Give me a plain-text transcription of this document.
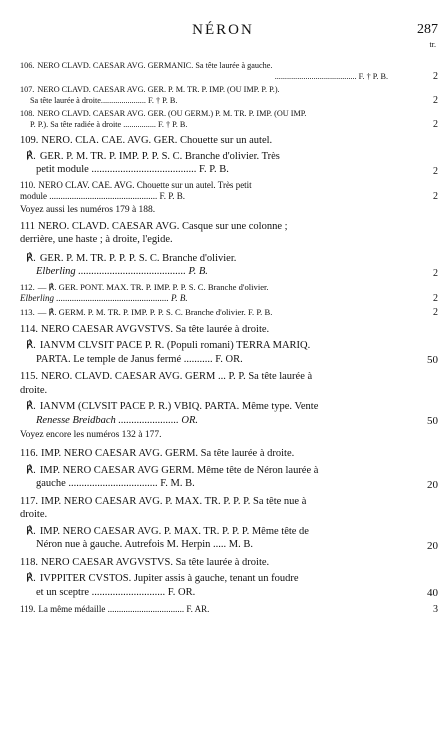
NÉRON	287
tr.
106. NERO CLAVD. CAESAR AVG. GERMANIC. Sa tête laurée à gauche.
........................................ F. † P. B.	2
107. NERO CLAVD. CAESAR AVG. GER. P. M. TR. P. IMP. (OU IMP. P. P.).
Sa tête laurée à droite...................... F. † P. B.	2
108. NERO CLAVD. CAESAR AVG. GER. (OU GERM.) P. M. TR. P. IMP. (OU IMP.
P. P.). Sa tête radiée à droite ................ F. † P. B.	2
109. NERO. CLA. CAE. AVG. GER. Chouette sur un autel.
℟. GER. P. M. TR. P. IMP. P. P. S. C. Branche d'olivier. Très
petit module ........................................ F. P. B.	2
110. NERO CLAV. CAE. AVG. Chouette sur un autel. Très petit
module ................................................ F. P. B.	2
Voyez aussi les numéros 179 à 188.
111 NERO. CLAVD. CAESAR AVG. Casque sur une colonne ;
derrière, une haste ; à droite, l'egide.
℟. GER. P. M. TR. P. P. P. S. C. Branche d'olivier.
Elberling ......................................... P. B.	2
112. — ℟. GER. PONT. MAX. TR. P. IMP. P. P. S. C. Branche d'olivier.
Elberling .................................................. P. B.	2
113. — ℟. GERM. P. M. TR. P. IMP. P. P. S. C. Branche d'olivier. F. P. B.	2
114. NERO CAESAR AVGVSTVS. Sa tête laurée à droite.
℟. IANVM CLVSIT PACE P. R. (Populi romani) TERRA MARIQ.
PARTA. Le temple de Janus fermé ........... F. OR.	50
115. NERO. CLAVD. CAESAR AVG. GERM ... P. P. Sa tête laurée à
droite.
℟. IANVM (CLVSIT PACE P. R.) VBIQ. PARTA. Même type. Vente
Renesse Breidbach ....................... OR.	50
Voyez encore les numéros 132 à 177.
116. IMP. NERO CAESAR AVG. GERM. Sa tête laurée à droite.
℟. IMP. NERO CAESAR AVG GERM. Même tête de Néron laurée à
gauche .................................. F. M. B.	20
117. IMP. NERO CAESAR AVG. P. MAX. TR. P. P. P. Sa tête nue à
droite.
℟. IMP. NERO CAESAR AVG. P. MAX. TR. P. P. P. Même tête de
Néron nue à gauche. Autrefois M. Herpin ..... M. B.	20
118. NERO CAESAR AVGVSTVS. Sa tête laurée à droite.
℟. IVPPITER CVSTOS. Jupiter assis à gauche, tenant un foudre
et un sceptre ............................ F. OR.	40
119. La même médaille .................................. F. AR.	3
